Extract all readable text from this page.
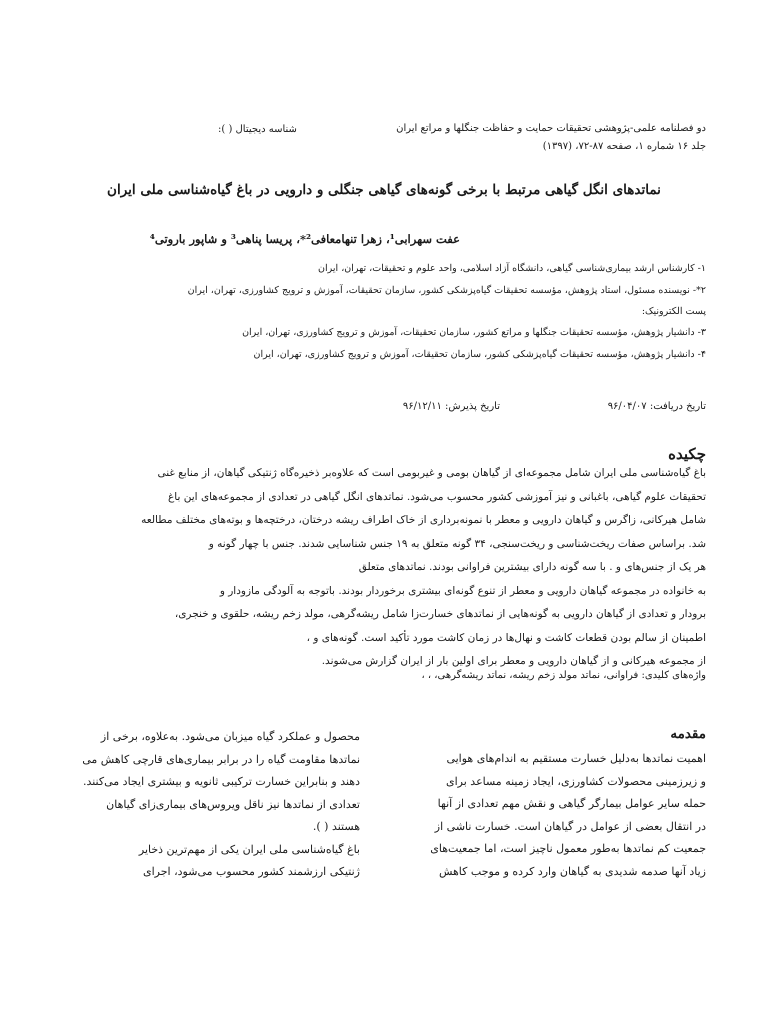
دو فصلنامه علمی-پژوهشی تحقیقات حمایت و حفاظت جنگلها و مراتع ایران
جلد ۱۶ شماره ۱، صفحه ۸۷-۷۲، (۱۳۹۷)
شناسه دیجیتال ( ):
نماتدهای انگل گیاهی مرتبط با برخی گونه‌های گیاهی جنگلی و دارویی در باغ گیاه‌شناسی ملی ایران
عفت سهرابی¹، زهرا تنهامعافی²*، پریسا پناهی³ و شاپور باروتی⁴
۱- کارشناس ارشد بیماری‌شناسی گیاهی، دانشگاه آزاد اسلامی، واحد علوم و تحقیقات، تهران، ایران
۲*- نویسنده مسئول، استاد پژوهش، مؤسسه تحقیقات گیاه‌پزشکی کشور، سازمان تحقیقات، آموزش و ترویج کشاورزی، تهران، ایران
پست الکترونیک:
۳- دانشیار پژوهش، مؤسسه تحقیقات جنگلها و مراتع کشور، سازمان تحقیقات، آموزش و ترویج کشاورزی، تهران، ایران
۴- دانشیار پژوهش، مؤسسه تحقیقات گیاه‌پزشکی کشور، سازمان تحقیقات، آموزش و ترویج کشاورزی، تهران، ایران
تاریخ دریافت: ۹۶/۰۴/۰۷
تاریخ پذیرش: ۹۶/۱۲/۱۱
چکیده
باغ گیاه‌شناسی ملی ایران شامل مجموعه‌ای از گیاهان بومی و غیربومی است که علاوه‌بر ذخیره‌گاه ژنتیکی گیاهان، از منابع غنی
تحقیقات علوم گیاهی، باغبانی و نیز آموزشی کشور محسوب می‌شود. نماتدهای انگل گیاهی در تعدادی از مجموعه‌های این باغ
شامل هیرکانی، زاگرس و گیاهان دارویی و معطر با نمونه‌برداری از خاک اطراف ریشه درختان، درختچه‌ها و بوته‌های مختلف مطالعه
شد. براساس صفات ریخت‌شناسی و ریخت‌سنجی، ۳۴ گونه متعلق به ۱۹ جنس شناسایی شدند. جنس با چهار گونه و
هر یک از جنس‌های و . با سه گونه دارای بیشترین فراوانی بودند. نماتدهای متعلق
به خانواده در مجموعه گیاهان دارویی و معطر از تنوع گونه‌ای بیشتری برخوردار بودند. باتوجه به آلودگی مازودار و
برودار و تعدادی از گیاهان دارویی به گونه‌هایی از نماتدهای خسارت‌زا شامل ریشه‌گرهی، مولد زخم ریشه، حلقوی و خنجری،
اطمینان از سالم بودن قطعات کاشت و نهال‌ها در زمان کاشت مورد تأکید است. گونه‌های و ،
از مجموعه هیرکانی و از گیاهان دارویی و معطر برای اولین بار از ایران گزارش می‌شوند.
واژه‌های کلیدی: فراوانی، نماتد مولد زخم ریشه، نماتد ریشه‌گرهی، ، ،
مقدمه
اهمیت نماتدها به‌دلیل خسارت مستقیم به اندام‌های هوایی
و زیرزمینی محصولات کشاورزی، ایجاد زمینه مساعد برای
حمله سایر عوامل بیمارگر گیاهی و نقش مهم تعدادی از آنها
در انتقال بعضی از عوامل در گیاهان است. خسارت ناشی از
جمعیت کم نماتدها به‌طور معمول ناچیز است، اما جمعیت‌های
زیاد آنها صدمه شدیدی به گیاهان وارد کرده و موجب کاهش
محصول و عملکرد گیاه میزبان می‌شود. به‌علاوه، برخی از
نماتدها مقاومت گیاه را در برابر بیماری‌های قارچی کاهش می
دهند و بنابراین خسارت ترکیبی ثانویه و بیشتری ایجاد می‌کنند.
تعدادی از نماتدها نیز ناقل ویروس‌های بیماری‌زای گیاهان
هستند ( ).
باغ گیاه‌شناسی ملی ایران یکی از مهم‌ترین ذخایر
ژنتیکی ارزشمند کشور محسوب می‌شود، اجرای
